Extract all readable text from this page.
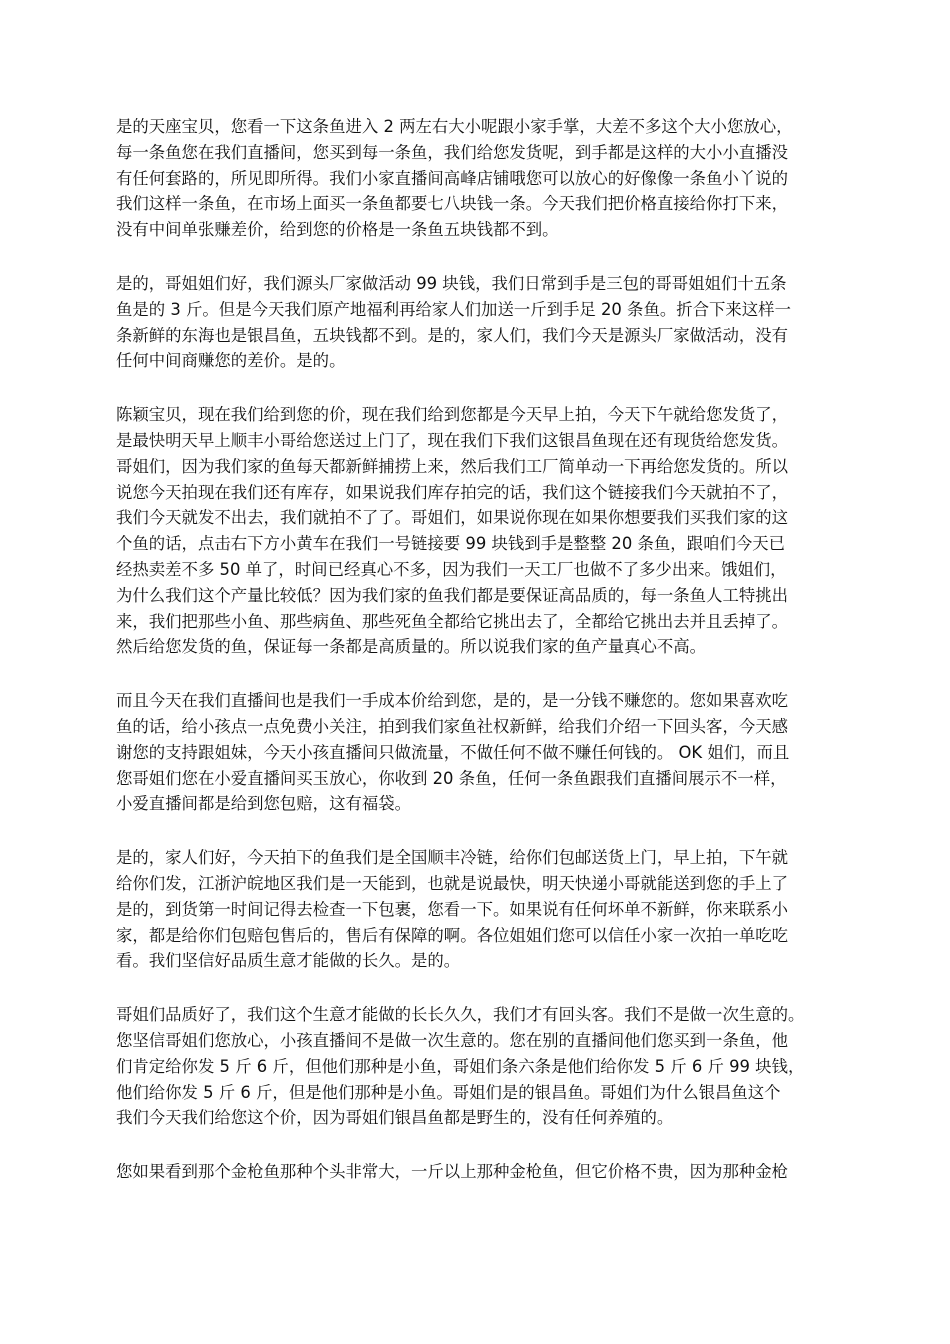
是的天座宝贝，您看一下这条鱼进入 2 两左右大小呢跟小家手掌，大差不多这个大小您放心，
每一条鱼您在我们直播间，您买到每一条鱼，我们给您发货呢，到手都是这样的大小小直播没
有任何套路的，所见即所得。我们小家直播间高峰店铺哦您可以放心的好像像一条鱼小丫说的
我们这样一条鱼，在市场上面买一条鱼都要七八块钱一条。今天我们把价格直接给你打下来，
没有中间单张赚差价，给到您的价格是一条鱼五块钱都不到。

是的，哥姐姐们好，我们源头厂家做活动 99 块钱，我们日常到手是三包的哥哥姐姐们十五条
鱼是的 3 斤。但是今天我们原产地福利再给家人们加送一斤到手足 20 条鱼。折合下来这样一
条新鲜的东海也是银昌鱼，五块钱都不到。是的，家人们，我们今天是源头厂家做活动，没有
任何中间商赚您的差价。是的。

陈颖宝贝，现在我们给到您的价，现在我们给到您都是今天早上拍，今天下午就给您发货了，
是最快明天早上顺丰小哥给您送过上门了，现在我们下我们这银昌鱼现在还有现货给您发货。
哥姐们，因为我们家的鱼每天都新鲜捕捞上来，然后我们工厂简单动一下再给您发货的。所以
说您今天拍现在我们还有库存，如果说我们库存拍完的话，我们这个链接我们今天就拍不了，
我们今天就发不出去，我们就拍不了了。哥姐们，如果说你现在如果你想要我们买我们家的这
个鱼的话，点击右下方小黄车在我们一号链接要 99 块钱到手是整整 20 条鱼，跟咱们今天已
经热卖差不多 50 单了，时间已经真心不多，因为我们一天工厂也做不了多少出来。饿姐们，
为什么我们这个产量比较低？因为我们家的鱼我们都是要保证高品质的，每一条鱼人工特挑出
来，我们把那些小鱼、那些病鱼、那些死鱼全都给它挑出去了，全都给它挑出去并且丢掉了。
然后给您发货的鱼，保证每一条都是高质量的。所以说我们家的鱼产量真心不高。

而且今天在我们直播间也是我们一手成本价给到您，是的，是一分钱不赚您的。您如果喜欢吃
鱼的话，给小孩点一点免费小关注，拍到我们家鱼社权新鲜，给我们介绍一下回头客，今天感
谢您的支持跟姐妹，今天小孩直播间只做流量，不做任何不做不赚任何钱的。 OK 姐们，而且
您哥姐们您在小爱直播间买玉放心，你收到 20 条鱼，任何一条鱼跟我们直播间展示不一样，
小爱直播间都是给到您包赔，这有福袋。

是的，家人们好，今天拍下的鱼我们是全国顺丰冷链，给你们包邮送货上门，早上拍，下午就
给你们发，江浙沪皖地区我们是一天能到，也就是说最快，明天快递小哥就能送到您的手上了
是的，到货第一时间记得去检查一下包裹，您看一下。如果说有任何坏单不新鲜，你来联系小
家，都是给你们包赔包售后的，售后有保障的啊。各位姐姐们您可以信任小家一次拍一单吃吃
看。我们坚信好品质生意才能做的长久。是的。

哥姐们品质好了，我们这个生意才能做的长长久久，我们才有回头客。我们不是做一次生意的。
您坚信哥姐们您放心，小孩直播间不是做一次生意的。您在别的直播间他们您买到一条鱼，他
们肯定给你发 5 斤 6 斤，但他们那种是小鱼，哥姐们条六条是他们给你发 5 斤 6 斤 99 块钱，
他们给你发 5 斤 6 斤，但是他们那种是小鱼。哥姐们是的银昌鱼。哥姐们为什么银昌鱼这个
我们今天我们给您这个价，因为哥姐们银昌鱼都是野生的，没有任何养殖的。

您如果看到那个金枪鱼那种个头非常大，一斤以上那种金枪鱼，但它价格不贵，因为那种金枪
